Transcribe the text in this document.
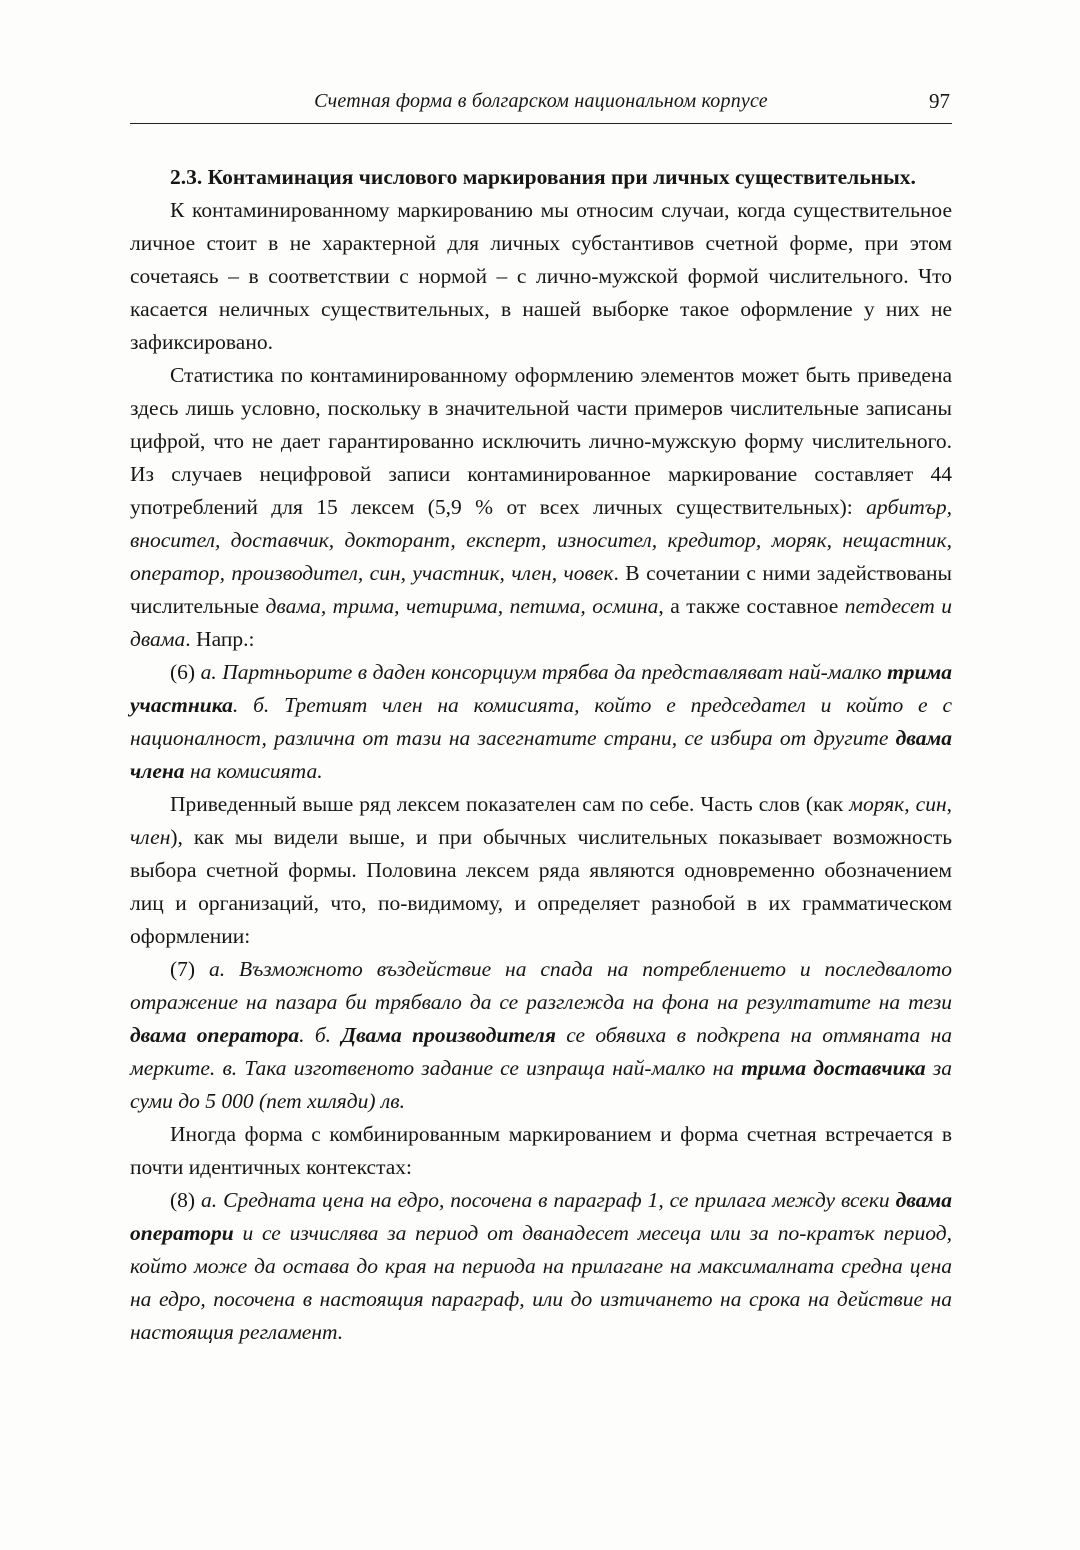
Счетная форма в болгарском национальном корпусе	97

2.3. Контаминация числового маркирования при личных существительных.

К контаминированному маркированию мы относим случаи, когда существительное личное стоит в не характерной для личных субстантивов счетной форме, при этом сочетаясь – в соответствии с нормой – с лично-мужской формой числительного. Что касается неличных существительных, в нашей выборке такое оформление у них не зафиксировано.

Статистика по контаминированному оформлению элементов может быть приведена здесь лишь условно, поскольку в значительной части примеров числительные записаны цифрой, что не дает гарантированно исключить лично-мужскую форму числительного. Из случаев нецифровой записи контаминированное маркирование составляет 44 употреблений для 15 лексем (5,9 % от всех личных существительных): арбитър, вносител, доставчик, докторант, експерт, износител, кредитор, моряк, нещастник, оператор, производител, син, участник, член, човек. В сочетании с ними задействованы числительные двама, трима, четирима, петима, осмина, а также составное петдесет и двама. Напр.:

(6) а. Партньорите в даден консорциум трябва да представляват най-малко трима участника. б. Третият член на комисията, който е председател и който е с националност, различна от тази на засегнатите страни, се избира от другите двама члена на комисията.

Приведенный выше ряд лексем показателен сам по себе. Часть слов (как моряк, син, член), как мы видели выше, и при обычных числительных показывает возможность выбора счетной формы. Половина лексем ряда являются одновременно обозначением лиц и организаций, что, по-видимому, и определяет разнобой в их грамматическом оформлении:

(7) а. Възможното въздействие на спада на потреблението и последвалото отражение на пазара би трябвало да се разглежда на фона на резултатите на тези двама оператора. б. Двама производителя се обявиха в подкрепа на отмяната на мерките. в. Така изготвеното задание се изпраща най-малко на трима доставчика за суми до 5 000 (пет хиляди) лв.

Иногда форма с комбинированным маркированием и форма счетная встречается в почти идентичных контекстах:

(8) а. Средната цена на едро, посочена в параграф 1, се прилага между всеки двама оператори и се изчислява за период от дванадесет месеца или за по-кратък период, който може да остава до края на периода на прилагане на максималната средна цена на едро, посочена в настоящия параграф, или до изтичането на срока на действие на настоящия регламент.
